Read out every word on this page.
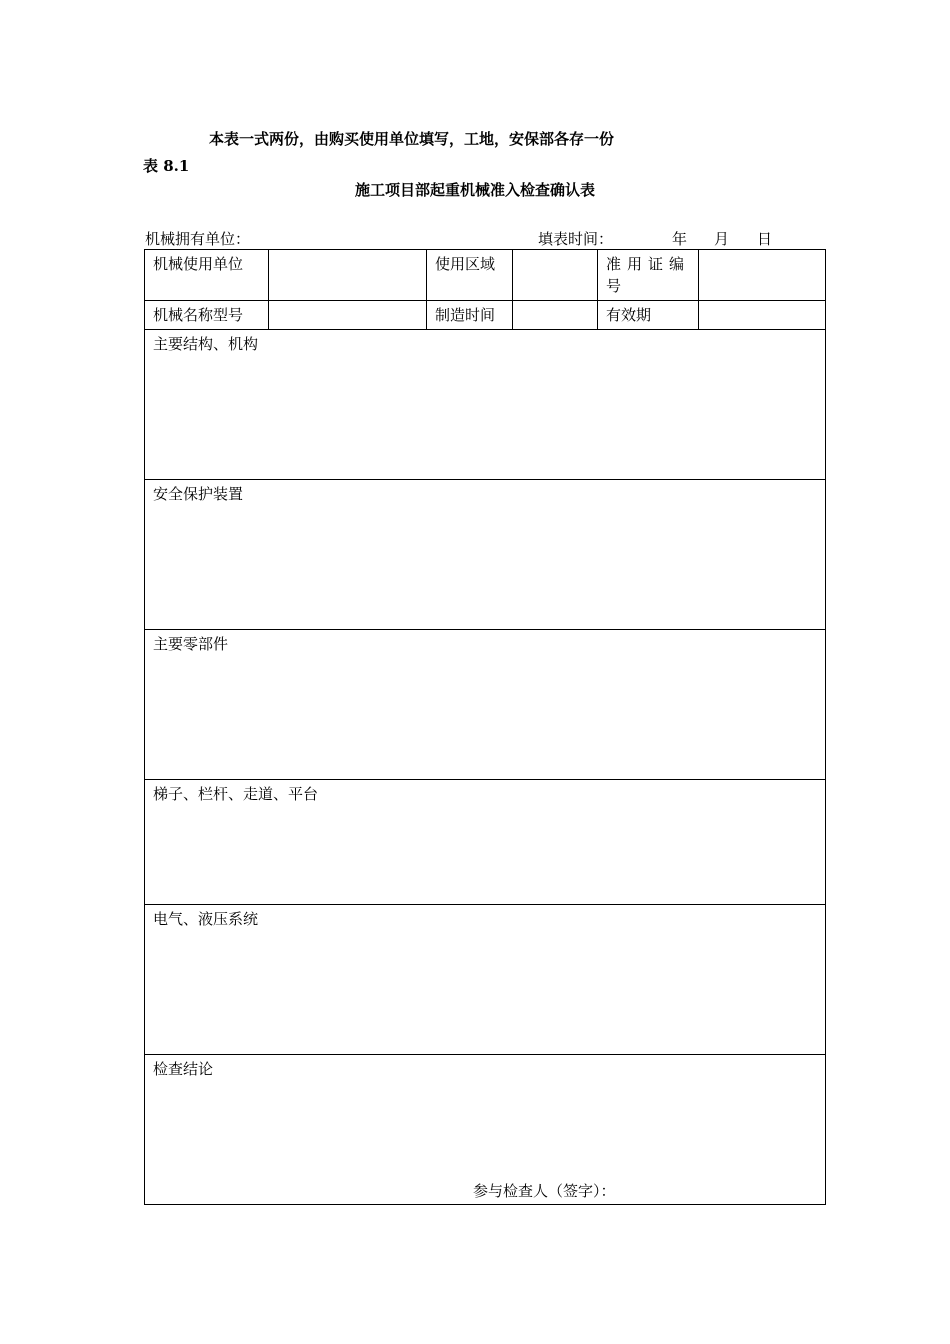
本表一式两份，由购买使用单位填写，工地，安保部各存一份
表 8.1
施工项目部起重机械准入检查确认表
机械拥有单位：	填表时间：	年 月 日
机械使用单位		使用区域		准用证编号	
机械名称型号		制造时间		有效期	
主要结构、机构					
安全保护装置					
主要零部件					
梯子、栏杆、走道、平台					
电气、液压系统					
检查结论
参与检查人（签字）：					
